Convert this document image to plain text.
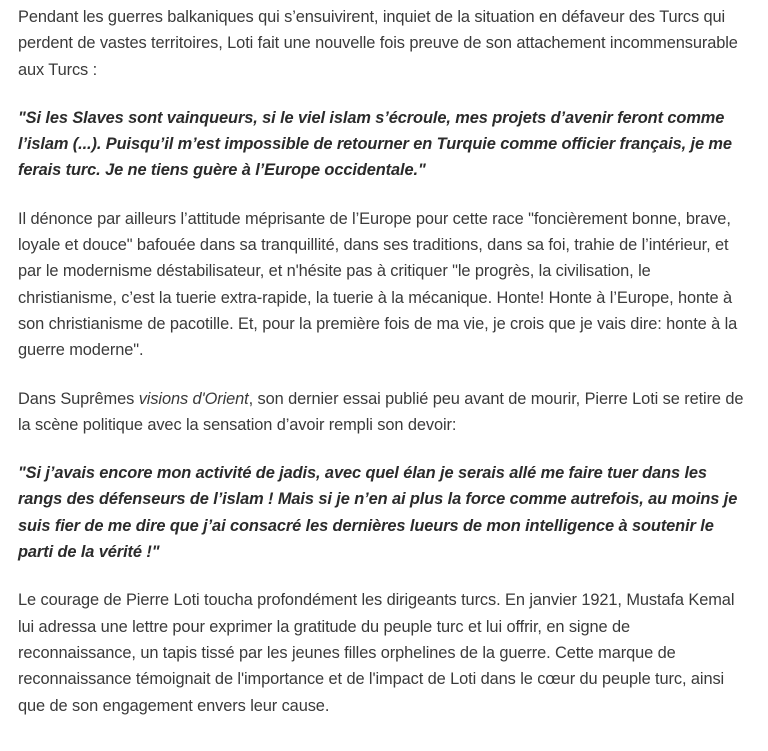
Pendant les guerres balkaniques qui s’ensuivirent, inquiet de la situation en défaveur des Turcs qui perdent de vastes territoires, Loti fait une nouvelle fois preuve de son attachement incommensurable aux Turcs :

"Si les Slaves sont vainqueurs, si le viel islam s’écroule, mes projets d’avenir feront comme l’islam (...). Puisqu’il m’est impossible de retourner en Turquie comme officier français, je me ferais turc. Je ne tiens guère à l’Europe occidentale."

Il dénonce par ailleurs l’attitude méprisante de l’Europe pour cette race "foncièrement bonne, brave, loyale et douce" bafouée dans sa tranquillité, dans ses traditions, dans sa foi, trahie de l’intérieur, et par le modernisme déstabilisateur, et n'hésite pas à critiquer "le progrès, la civilisation, le christianisme, c’est la tuerie extra-rapide, la tuerie à la mécanique. Honte! Honte à l’Europe, honte à son christianisme de pacotille. Et, pour la première fois de ma vie, je crois que je vais dire: honte à la guerre moderne".

Dans Suprêmes visions d'Orient, son dernier essai publié peu avant de mourir, Pierre Loti se retire de la scène politique avec la sensation d’avoir rempli son devoir:

"Si j’avais encore mon activité de jadis, avec quel élan je serais allé me faire tuer dans les rangs des défenseurs de l’islam ! Mais si je n’en ai plus la force comme autrefois, au moins je suis fier de me dire que j’ai consacré les dernières lueurs de mon intelligence à soutenir le parti de la vérité !"

Le courage de Pierre Loti toucha profondément les dirigeants turcs. En janvier 1921, Mustafa Kemal lui adressa une lettre pour exprimer la gratitude du peuple turc et lui offrir, en signe de reconnaissance, un tapis tissé par les jeunes filles orphelines de la guerre. Cette marque de reconnaissance témoignait de l'importance et de l'impact de Loti dans le cœur du peuple turc, ainsi que de son engagement envers leur cause.
